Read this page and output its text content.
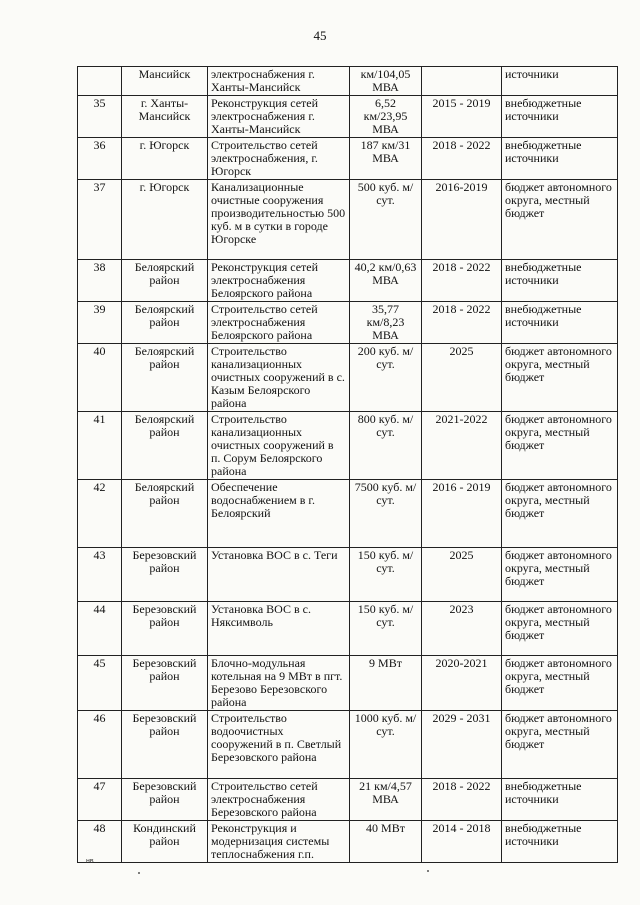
45
	Мансийск	электроснабжения г. Ханты-Мансийск	км/104,05 МВА		источники
35	г. Ханты-Мансийск	Реконструкция сетей электроснабжения г. Ханты-Мансийск	6,52 км/23,95 МВА	2015 - 2019	внебюджетные источники
36	г. Югорск	Строительство сетей электроснабжения, г. Югорск	187 км/31 МВА	2018 - 2022	внебюджетные источники
37	г. Югорск	Канализационные очистные сооружения производительностью 500 куб. м в сутки в городе Югорске	500 куб. м/сут.	2016-2019	бюджет автономного округа, местный бюджет
38	Белоярский район	Реконструкция сетей электроснабжения Белоярского района	40,2 км/0,63 МВА	2018 - 2022	внебюджетные источники
39	Белоярский район	Строительство сетей электроснабжения Белоярского района	35,77 км/8,23 МВА	2018 - 2022	внебюджетные источники
40	Белоярский район	Строительство канализационных очистных сооружений в с. Казым Белоярского района	200 куб. м/сут.	2025	бюджет автономного округа, местный бюджет
41	Белоярский район	Строительство канализационных очистных сооружений в п. Сорум Белоярского района	800 куб. м/сут.	2021-2022	бюджет автономного округа, местный бюджет
42	Белоярский район	Обеспечение водоснабжением в г. Белоярский	7500 куб. м/сут.	2016 - 2019	бюджет автономного округа, местный бюджет
43	Березовский район	Установка ВОС в с. Теги	150 куб. м/сут.	2025	бюджет автономного округа, местный бюджет
44	Березовский район	Установка ВОС в с. Няксимволь	150 куб. м/сут.	2023	бюджет автономного округа, местный бюджет
45	Березовский район	Блочно-модульная котельная на 9 МВт в пгт. Березово Березовского района	9 МВт	2020-2021	бюджет автономного округа, местный бюджет
46	Березовский район	Строительство водоочистных сооружений в п. Светлый Березовского района	1000 куб. м/сут.	2029 - 2031	бюджет автономного округа, местный бюджет
47	Березовский район	Строительство сетей электроснабжения Березовского района	21 км/4,57 МВА	2018 - 2022	внебюджетные источники
48	Кондинский район	Реконструкция и модернизация системы теплоснабжения г.п.	40 МВт	2014 - 2018	внебюджетные источники
нв
